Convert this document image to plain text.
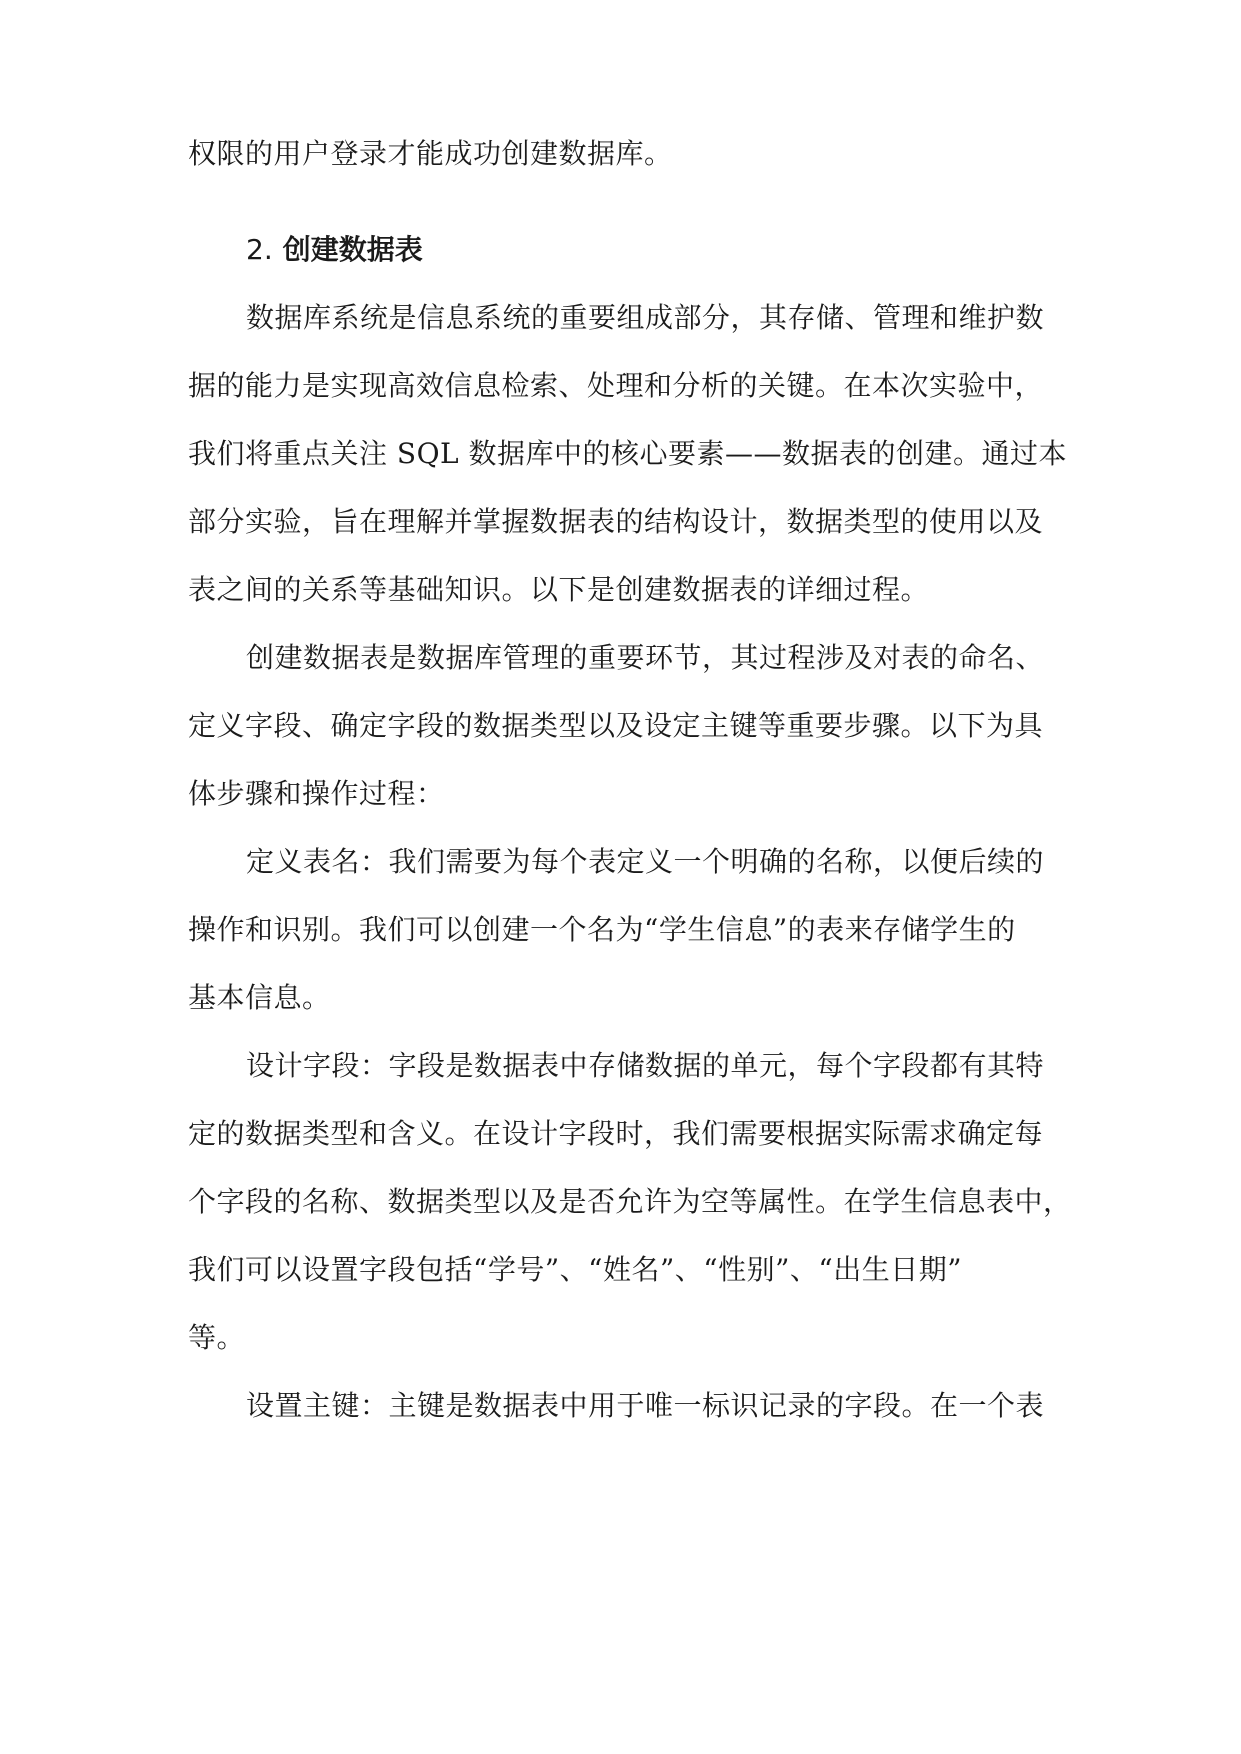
权限的用户登录才能成功创建数据库。
2. 创建数据表
数据库系统是信息系统的重要组成部分，其存储、管理和维护数
据的能力是实现高效信息检索、处理和分析的关键。在本次实验中，
我们将重点关注 SQL 数据库中的核心要素——数据表的创建。通过本
部分实验，旨在理解并掌握数据表的结构设计，数据类型的使用以及
表之间的关系等基础知识。以下是创建数据表的详细过程。
创建数据表是数据库管理的重要环节，其过程涉及对表的命名、
定义字段、确定字段的数据类型以及设定主键等重要步骤。以下为具
体步骤和操作过程：
定义表名：我们需要为每个表定义一个明确的名称，以便后续的
操作和识别。我们可以创建一个名为“学生信息”的表来存储学生的
基本信息。
设计字段：字段是数据表中存储数据的单元，每个字段都有其特
定的数据类型和含义。在设计字段时，我们需要根据实际需求确定每
个字段的名称、数据类型以及是否允许为空等属性。在学生信息表中，
我们可以设置字段包括“学号”、“姓名”、“性别”、“出生日期”
等。
设置主键：主键是数据表中用于唯一标识记录的字段。在一个表
